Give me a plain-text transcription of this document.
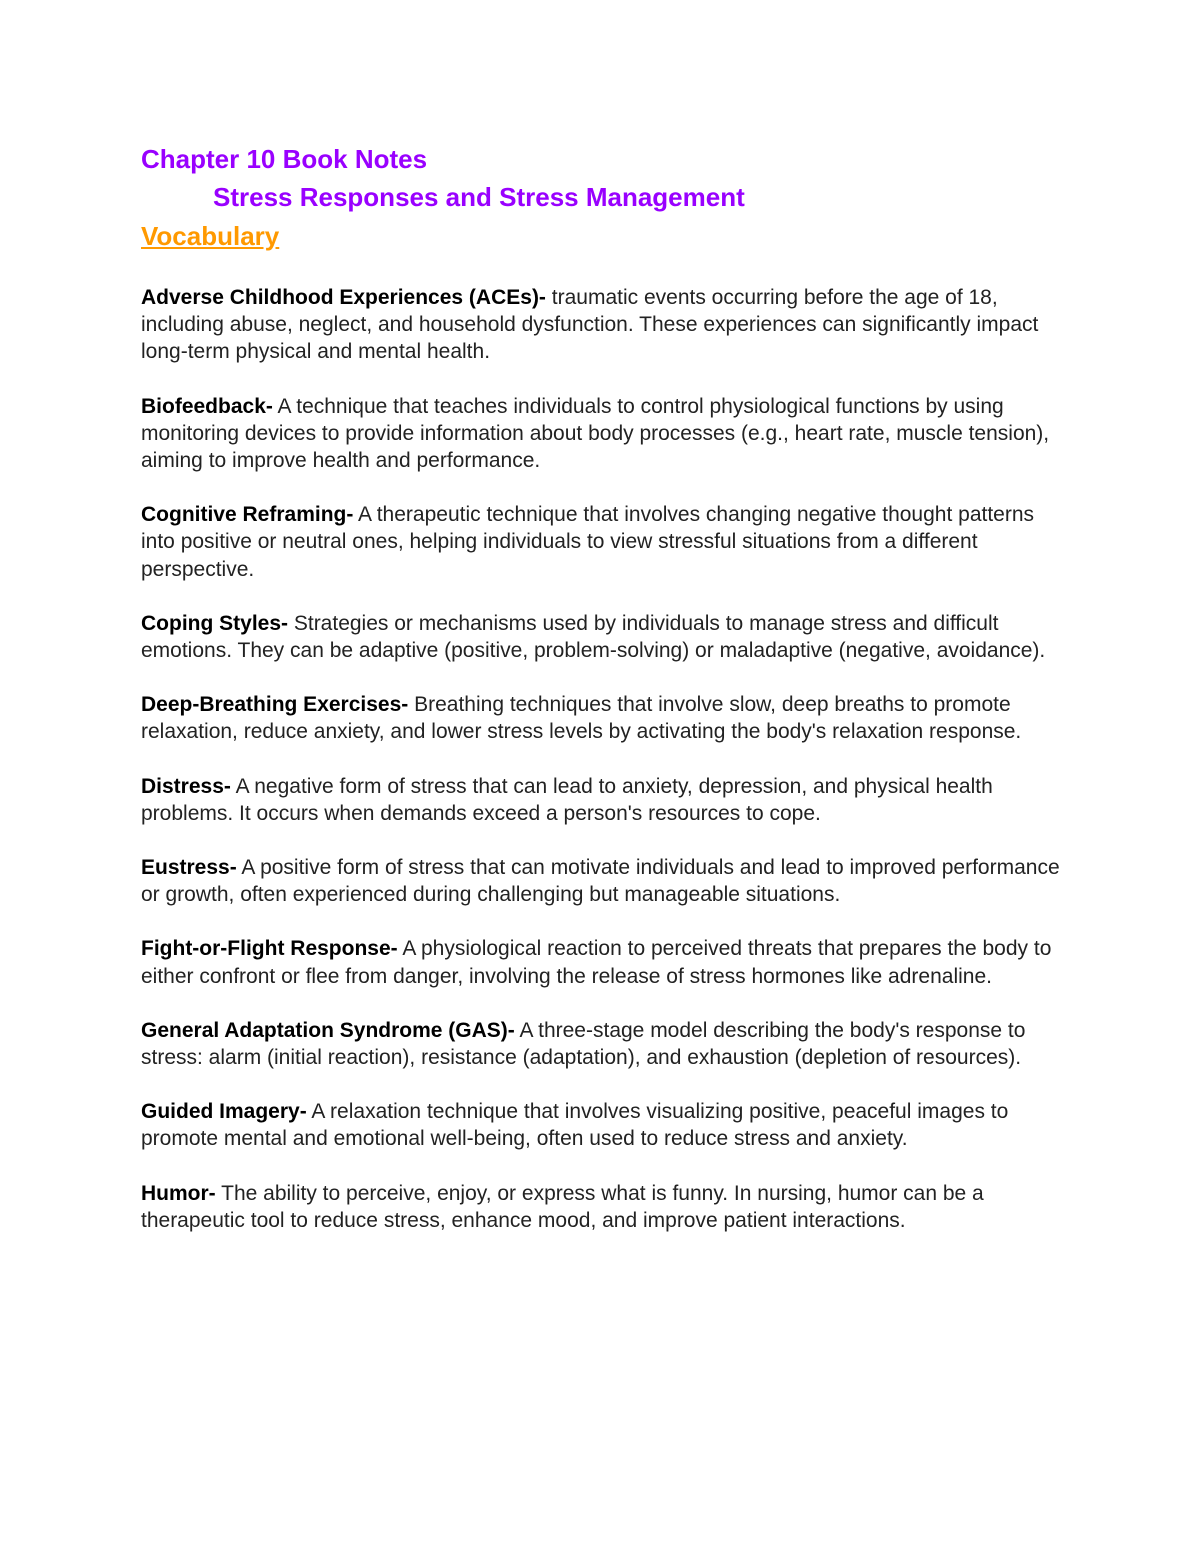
Chapter 10 Book Notes
Stress Responses and Stress Management
Vocabulary

Adverse Childhood Experiences (ACEs)- traumatic events occurring before the age of 18, including abuse, neglect, and household dysfunction. These experiences can significantly impact long-term physical and mental health.

Biofeedback- A technique that teaches individuals to control physiological functions by using monitoring devices to provide information about body processes (e.g., heart rate, muscle tension), aiming to improve health and performance.

Cognitive Reframing- A therapeutic technique that involves changing negative thought patterns into positive or neutral ones, helping individuals to view stressful situations from a different perspective.

Coping Styles- Strategies or mechanisms used by individuals to manage stress and difficult emotions. They can be adaptive (positive, problem-solving) or maladaptive (negative, avoidance).

Deep-Breathing Exercises- Breathing techniques that involve slow, deep breaths to promote relaxation, reduce anxiety, and lower stress levels by activating the body's relaxation response.

Distress- A negative form of stress that can lead to anxiety, depression, and physical health problems. It occurs when demands exceed a person's resources to cope.

Eustress- A positive form of stress that can motivate individuals and lead to improved performance or growth, often experienced during challenging but manageable situations.

Fight-or-Flight Response- A physiological reaction to perceived threats that prepares the body to either confront or flee from danger, involving the release of stress hormones like adrenaline.

General Adaptation Syndrome (GAS)- A three-stage model describing the body's response to stress: alarm (initial reaction), resistance (adaptation), and exhaustion (depletion of resources).

Guided Imagery- A relaxation technique that involves visualizing positive, peaceful images to promote mental and emotional well-being, often used to reduce stress and anxiety.

Humor- The ability to perceive, enjoy, or express what is funny. In nursing, humor can be a therapeutic tool to reduce stress, enhance mood, and improve patient interactions.
